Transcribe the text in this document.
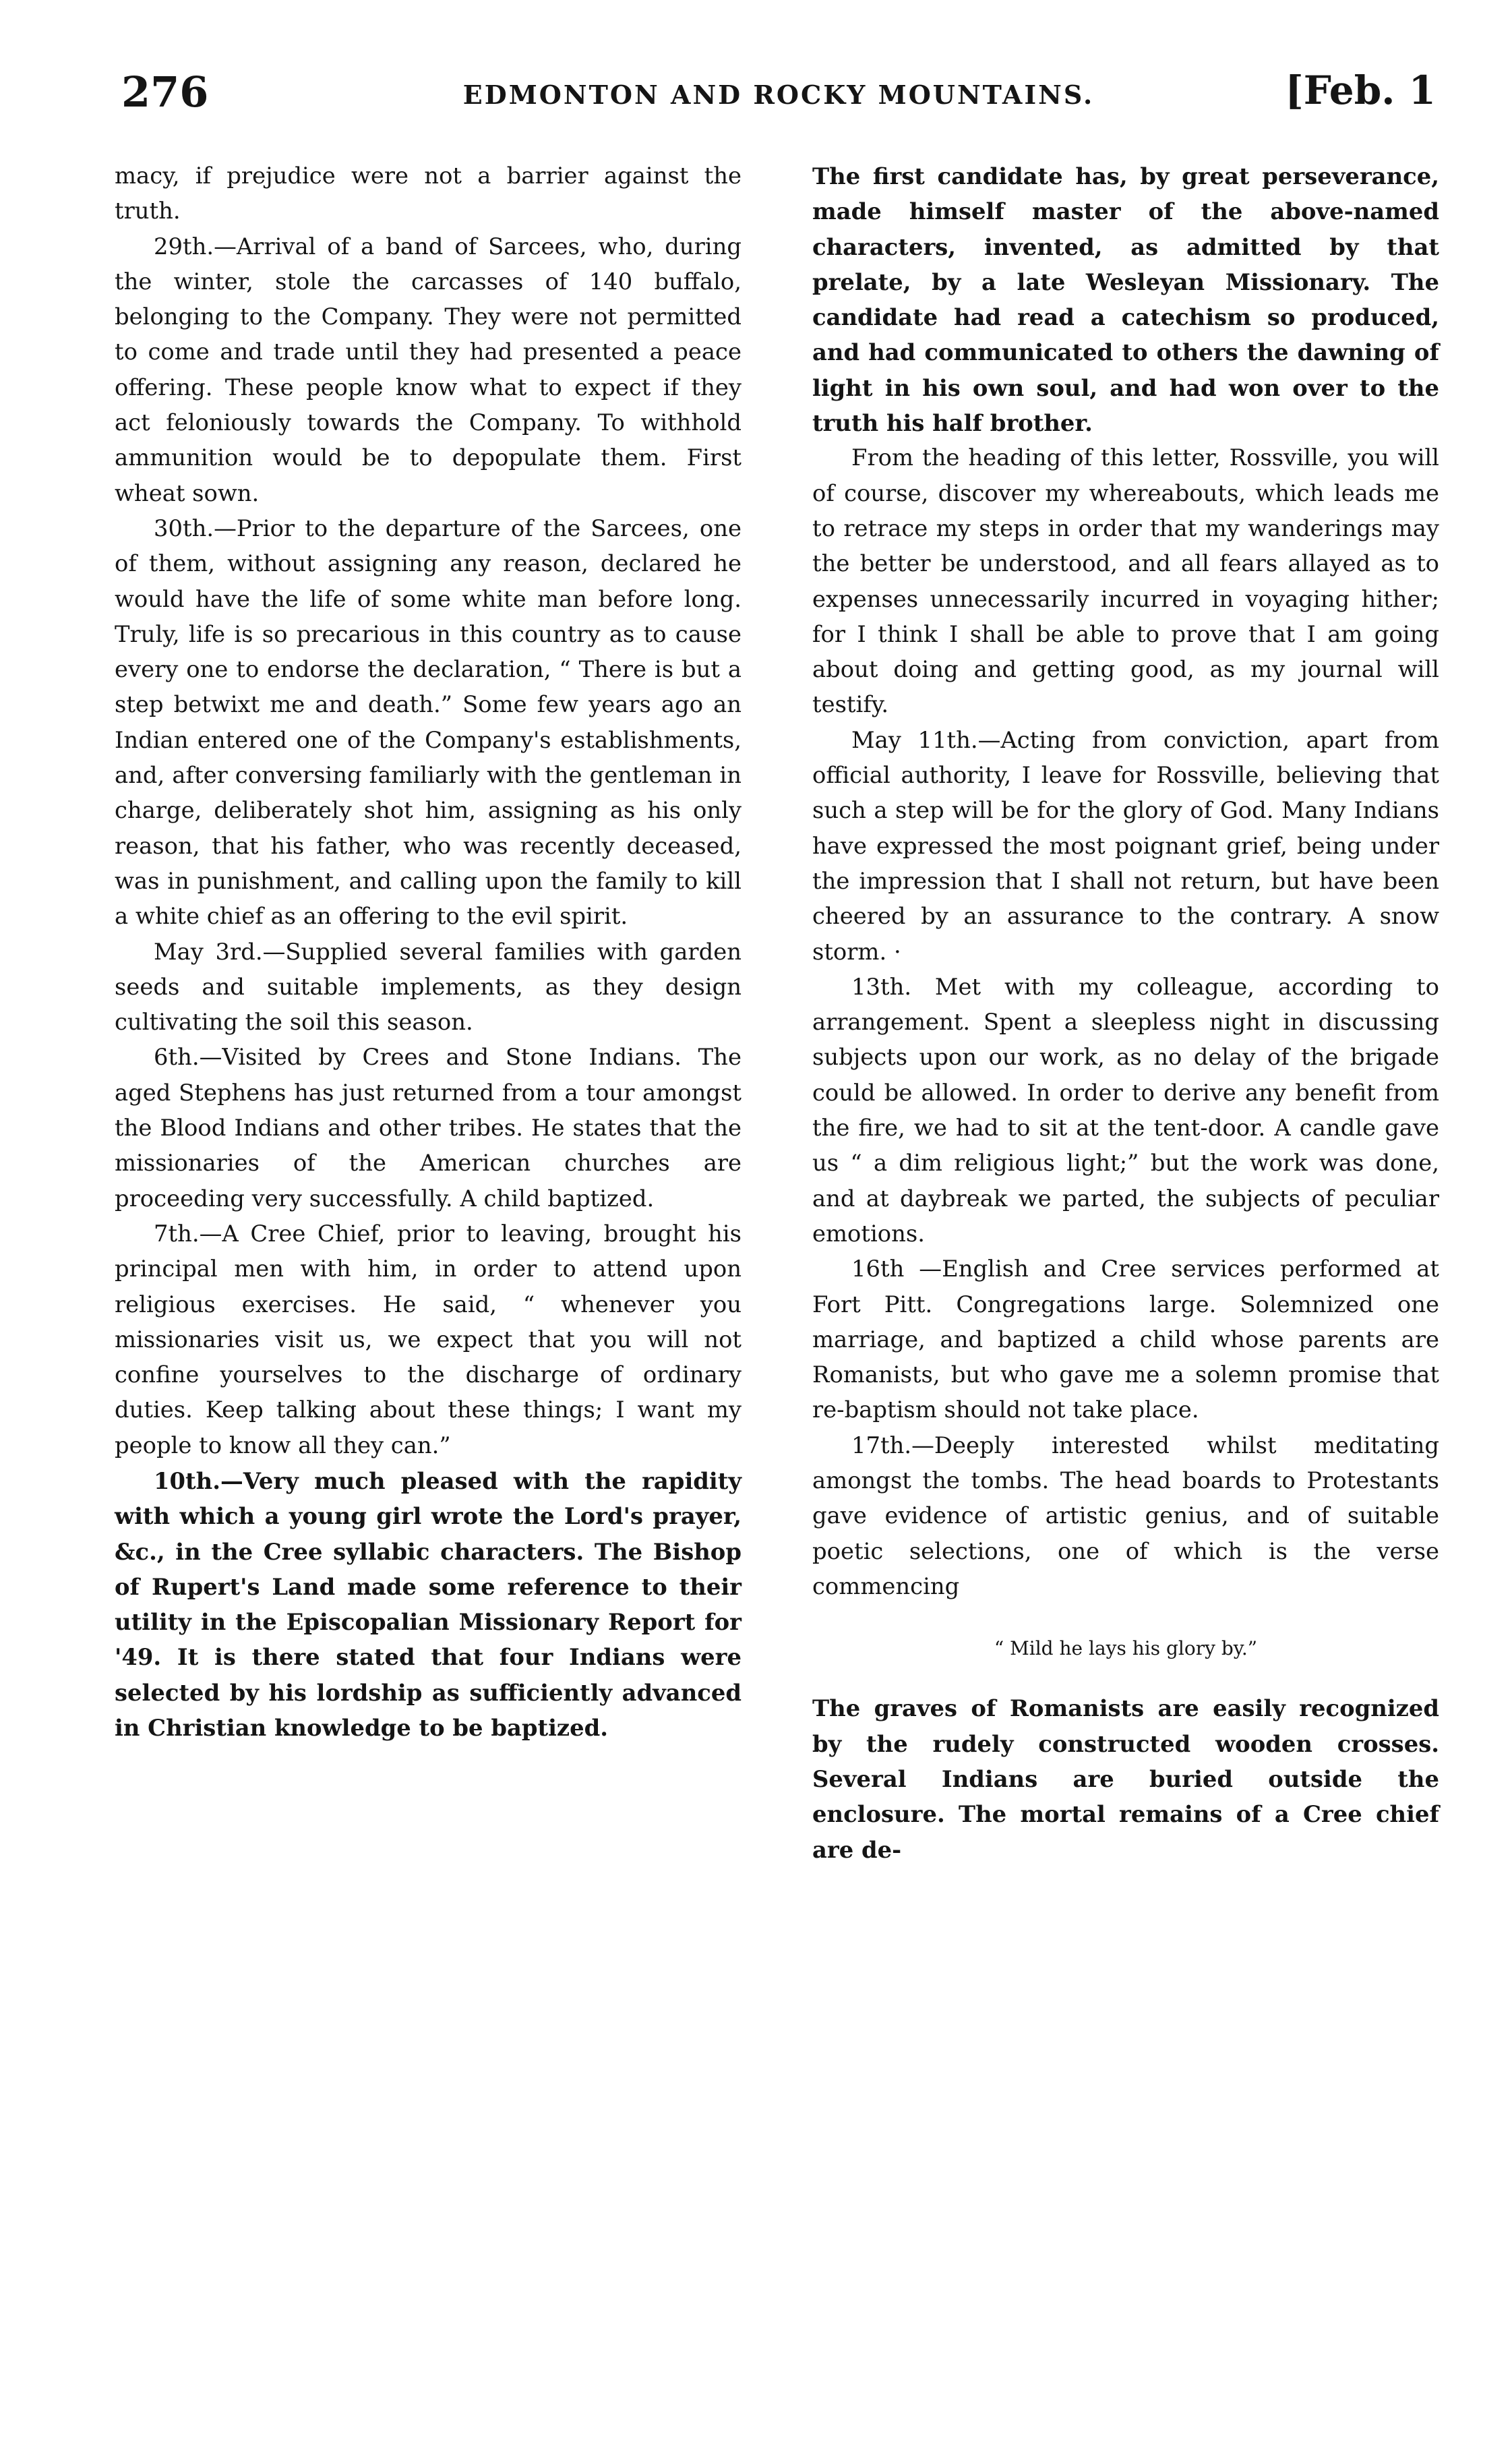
276	EDMONTON AND ROCKY MOUNTAINS.	[Feb. 1

macy, if prejudice were not a barrier against the truth.

29th.—Arrival of a band of Sarcees, who, during the winter, stole the carcasses of 140 buffalo, belonging to the Company. They were not permitted to come and trade until they had presented a peace offering. These people know what to expect if they act feloniously towards the Company. To withhold ammunition would be to depopulate them. First wheat sown.

30th.—Prior to the departure of the Sarcees, one of them, without assigning any reason, declared he would have the life of some white man before long. Truly, life is so precarious in this country as to cause every one to endorse the declaration, “ There is but a step betwixt me and death.” Some few years ago an Indian entered one of the Company's establishments, and, after conversing familiarly with the gentleman in charge, deliberately shot him, assigning as his only reason, that his father, who was recently deceased, was in punishment, and calling upon the family to kill a white chief as an offering to the evil spirit.

May 3rd.—Supplied several families with garden seeds and suitable implements, as they design cultivating the soil this season.

6th.—Visited by Crees and Stone Indians. The aged Stephens has just returned from a tour amongst the Blood Indians and other tribes. He states that the missionaries of the American churches are proceeding very successfully. A child baptized.

7th.—A Cree Chief, prior to leaving, brought his principal men with him, in order to attend upon religious exercises. He said, “ whenever you missionaries visit us, we expect that you will not confine yourselves to the discharge of ordinary duties. Keep talking about these things; I want my people to know all they can.”

10th.—Very much pleased with the rapidity with which a young girl wrote the Lord's prayer, &c., in the Cree syllabic characters. The Bishop of Rupert's Land made some reference to their utility in the Episcopalian Missionary Report for '49. It is there stated that four Indians were selected by his lordship as sufficiently advanced in Christian knowledge to be baptized.

The first candidate has, by great perseverance, made himself master of the above-named characters, invented, as admitted by that prelate, by a late Wesleyan Missionary. The candidate had read a catechism so produced, and had communicated to others the dawning of light in his own soul, and had won over to the truth his half brother.

From the heading of this letter, Rossville, you will of course, discover my whereabouts, which leads me to retrace my steps in order that my wanderings may the better be understood, and all fears allayed as to expenses unnecessarily incurred in voyaging hither; for I think I shall be able to prove that I am going about doing and getting good, as my journal will testify.

May 11th.—Acting from conviction, apart from official authority, I leave for Rossville, believing that such a step will be for the glory of God. Many Indians have expressed the most poignant grief, being under the impression that I shall not return, but have been cheered by an assurance to the contrary. A snow storm. ·

13th. Met with my colleague, according to arrangement. Spent a sleepless night in discussing subjects upon our work, as no delay of the brigade could be allowed. In order to derive any benefit from the fire, we had to sit at the tent-door. A candle gave us “ a dim religious light;” but the work was done, and at daybreak we parted, the subjects of peculiar emotions.

16th —English and Cree services performed at Fort Pitt. Congregations large. Solemnized one marriage, and baptized a child whose parents are Romanists, but who gave me a solemn promise that re-baptism should not take place.

17th.—Deeply interested whilst meditating amongst the tombs. The head boards to Protestants gave evidence of artistic genius, and of suitable poetic selections, one of which is the verse commencing

“ Mild he lays his glory by.”

The graves of Romanists are easily recognized by the rudely constructed wooden crosses. Several Indians are buried outside the enclosure. The mortal remains of a Cree chief are de-
